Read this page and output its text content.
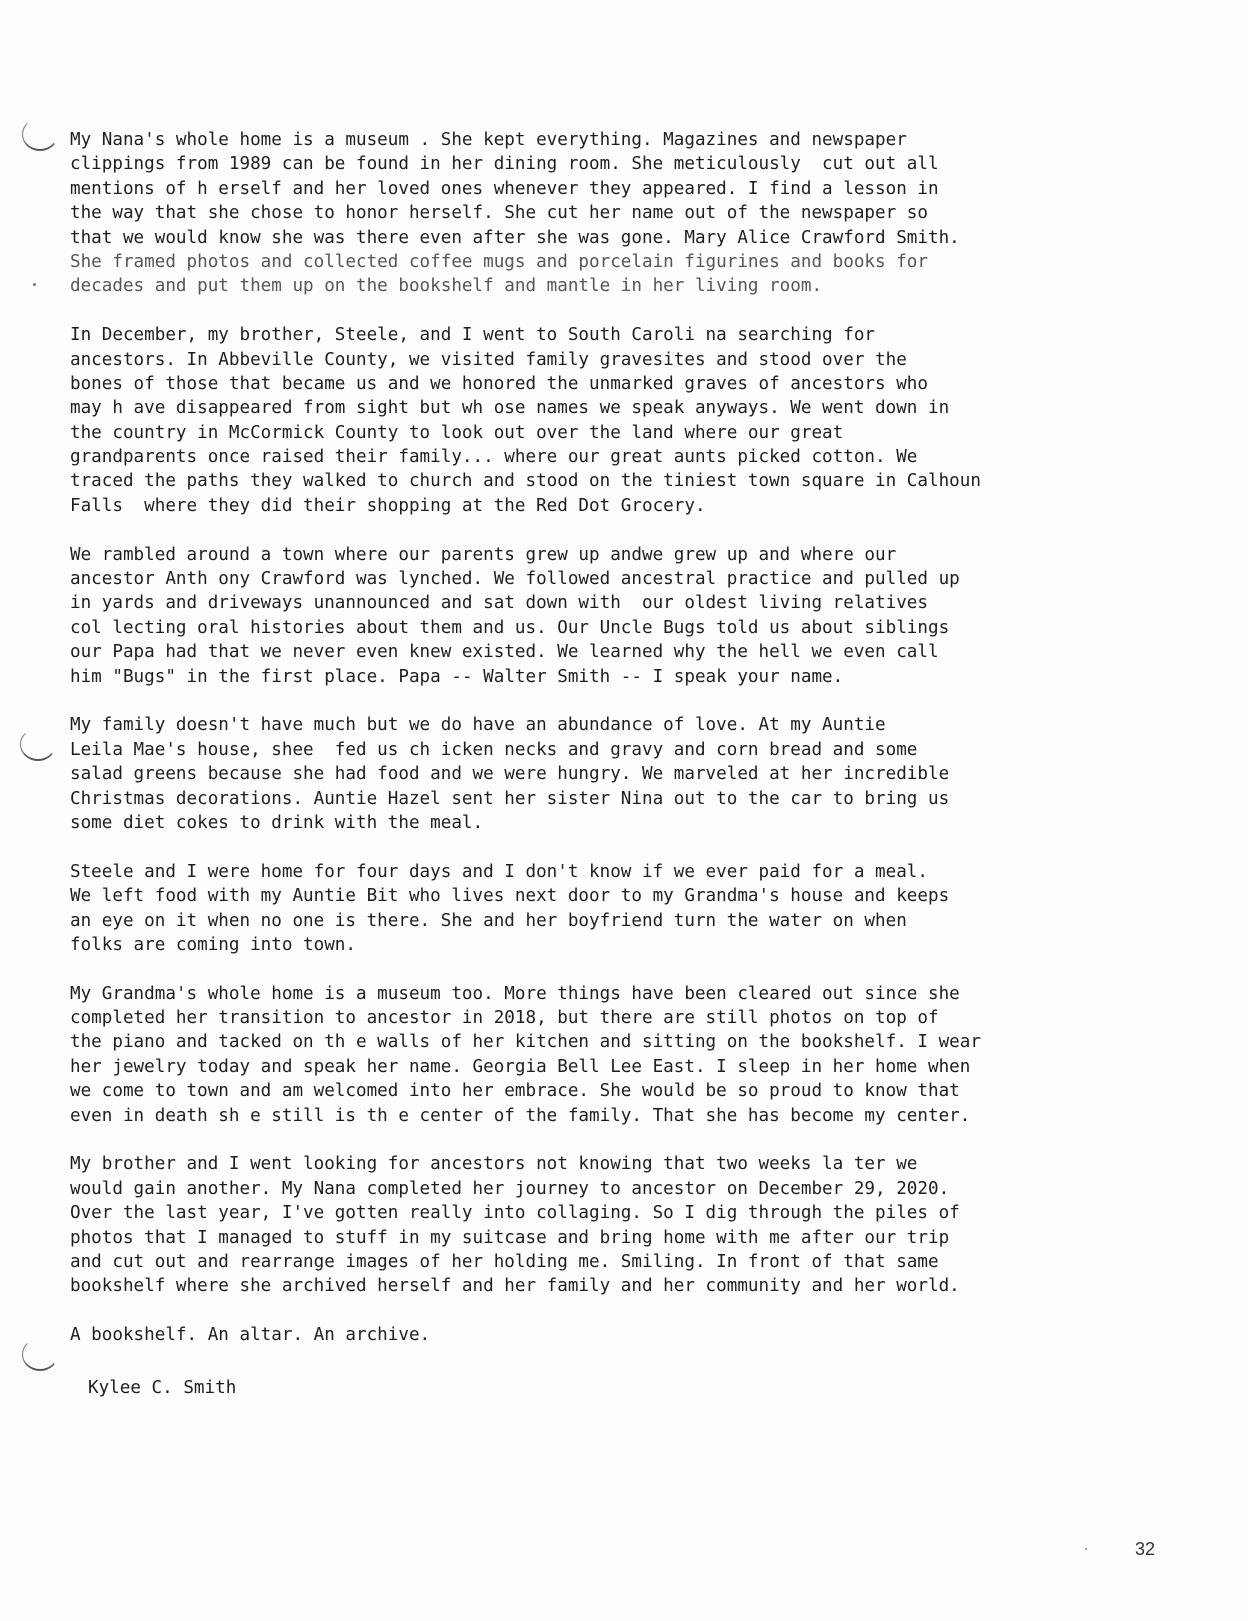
My Nana's whole home is a museum . She kept everything. Magazines and newspaper
clippings from 1989 can be found in her dining room. She meticulously  cut out all
mentions of h erself and her loved ones whenever they appeared. I find a lesson in
the way that she chose to honor herself. She cut her name out of the newspaper so
that we would know she was there even after she was gone. Mary Alice Crawford Smith.
She framed photos and collected coffee mugs and porcelain figurines and books for
decades and put them up on the bookshelf and mantle in her living room.
In December, my brother, Steele, and I went to South Caroli na searching for
ancestors. In Abbeville County, we visited family gravesites and stood over the
bones of those that became us and we honored the unmarked graves of ancestors who
may h ave disappeared from sight but wh ose names we speak anyways. We went down in
the country in McCormick County to look out over the land where our great
grandparents once raised their family... where our great aunts picked cotton. We
traced the paths they walked to church and stood on the tiniest town square in Calhoun
Falls  where they did their shopping at the Red Dot Grocery.
We rambled around a town where our parents grew up andwe grew up and where our
ancestor Anth ony Crawford was lynched. We followed ancestral practice and pulled up
in yards and driveways unannounced and sat down with  our oldest living relatives
col lecting oral histories about them and us. Our Uncle Bugs told us about siblings
our Papa had that we never even knew existed. We learned why the hell we even call
him "Bugs" in the first place. Papa -- Walter Smith -- I speak your name.
My family doesn't have much but we do have an abundance of love. At my Auntie
Leila Mae's house, shee  fed us ch icken necks and gravy and corn bread and some
salad greens because she had food and we were hungry. We marveled at her incredible
Christmas decorations. Auntie Hazel sent her sister Nina out to the car to bring us
some diet cokes to drink with the meal.
Steele and I were home for four days and I don't know if we ever paid for a meal.
We left food with my Auntie Bit who lives next door to my Grandma's house and keeps
an eye on it when no one is there. She and her boyfriend turn the water on when
folks are coming into town.
My Grandma's whole home is a museum too. More things have been cleared out since she
completed her transition to ancestor in 2018, but there are still photos on top of
the piano and tacked on th e walls of her kitchen and sitting on the bookshelf. I wear
her jewelry today and speak her name. Georgia Bell Lee East. I sleep in her home when
we come to town and am welcomed into her embrace. She would be so proud to know that
even in death sh e still is th e center of the family. That she has become my center.
My brother and I went looking for ancestors not knowing that two weeks la ter we
would gain another. My Nana completed her journey to ancestor on December 29, 2020.
Over the last year, I've gotten really into collaging. So I dig through the piles of
photos that I managed to stuff in my suitcase and bring home with me after our trip
and cut out and rearrange images of her holding me. Smiling. In front of that same
bookshelf where she archived herself and her family and her community and her world.
A bookshelf. An altar. An archive.
Kylee C. Smith
32
